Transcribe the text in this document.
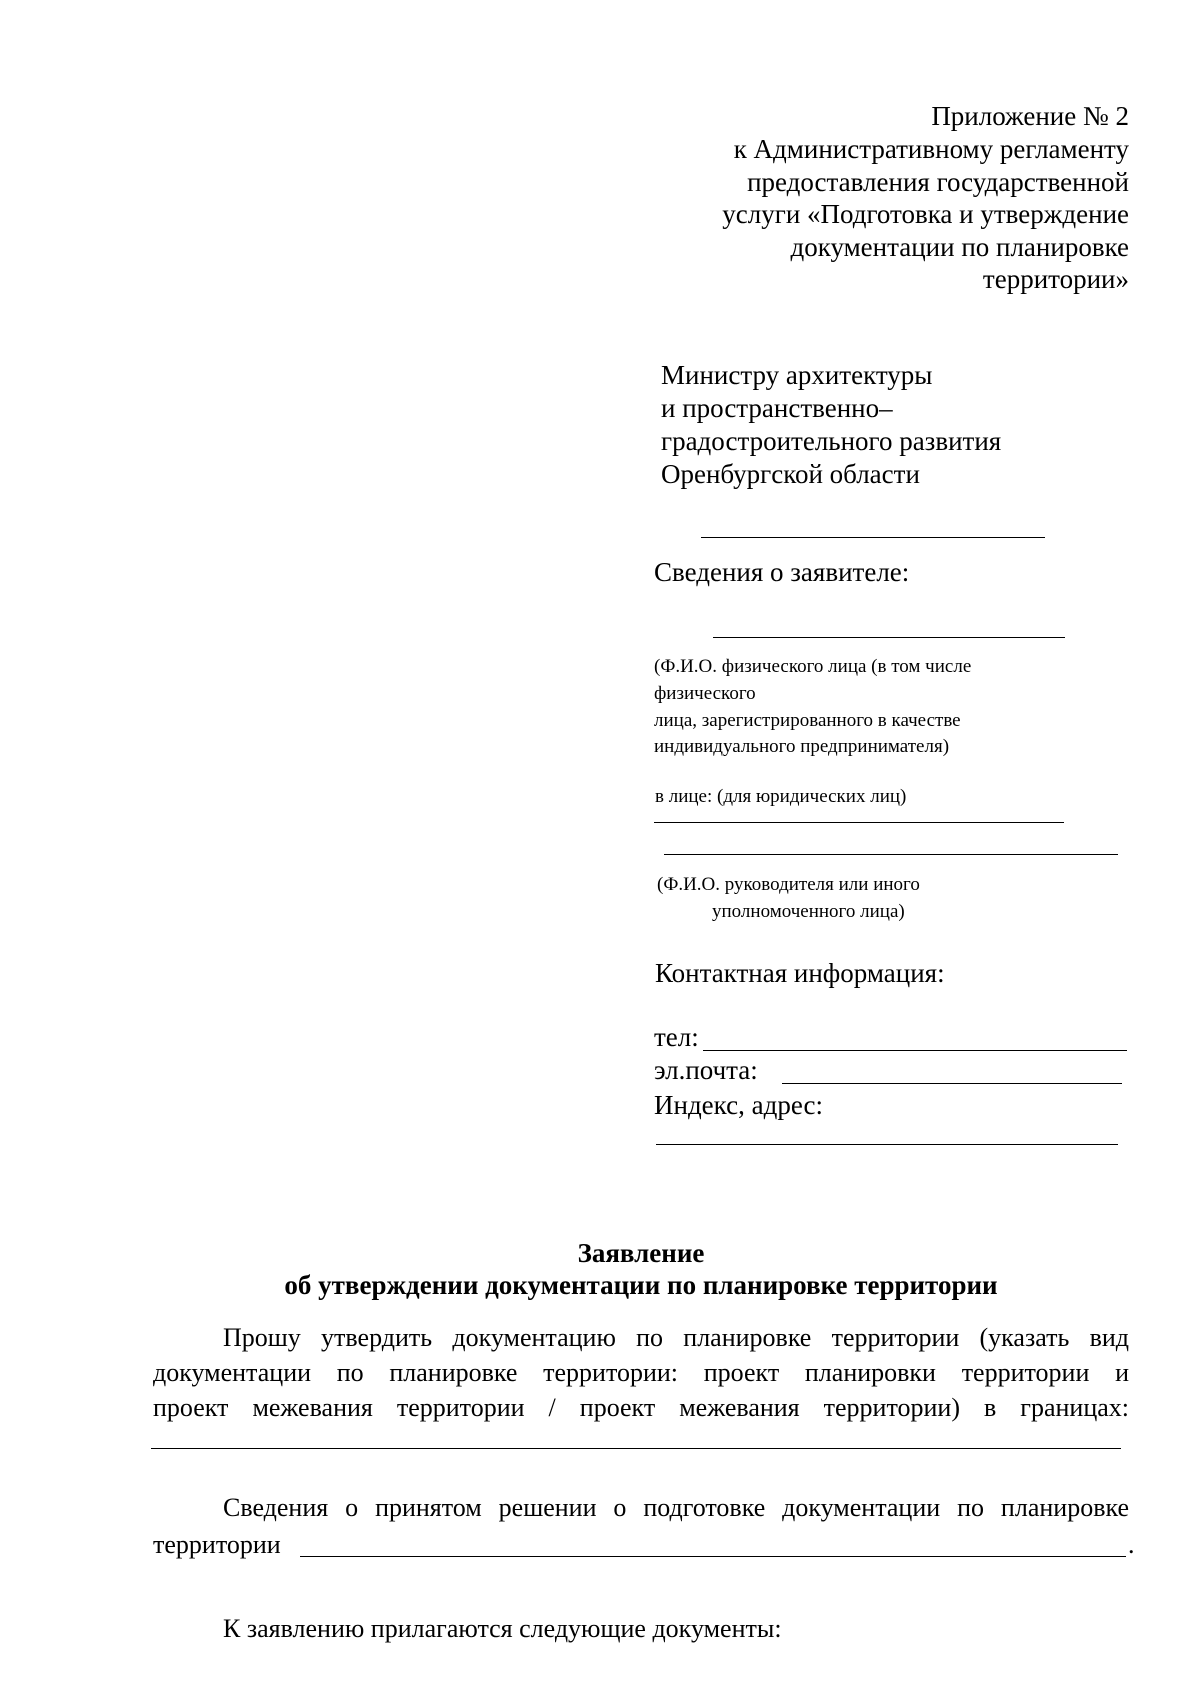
Приложение № 2
к Административному регламенту
предоставления государственной
услуги «Подготовка и утверждение
документации по планировке
территории»
Министру архитектуры
и пространственно–
градостроительного развития
Оренбургской области
Сведения о заявителе:
(Ф.И.О. физического лица (в том числе
физического
лица, зарегистрированного в качестве
индивидуального предпринимателя)
в лице: (для юридических лиц)
(Ф.И.О. руководителя или иного
уполномоченного лица)
Контактная информация:
тел:
эл.почта:
Индекс, адрес:
Заявление
об утверждении документации по планировке территории
Прошу утвердить документацию по планировке территории (указать вид
документации по планировке территории: проект планировки территории и
проект межевания территории / проект межевания территории) в границах:
Сведения о принятом решении о подготовке документации по планировке
территории	.
К заявлению прилагаются следующие документы:
